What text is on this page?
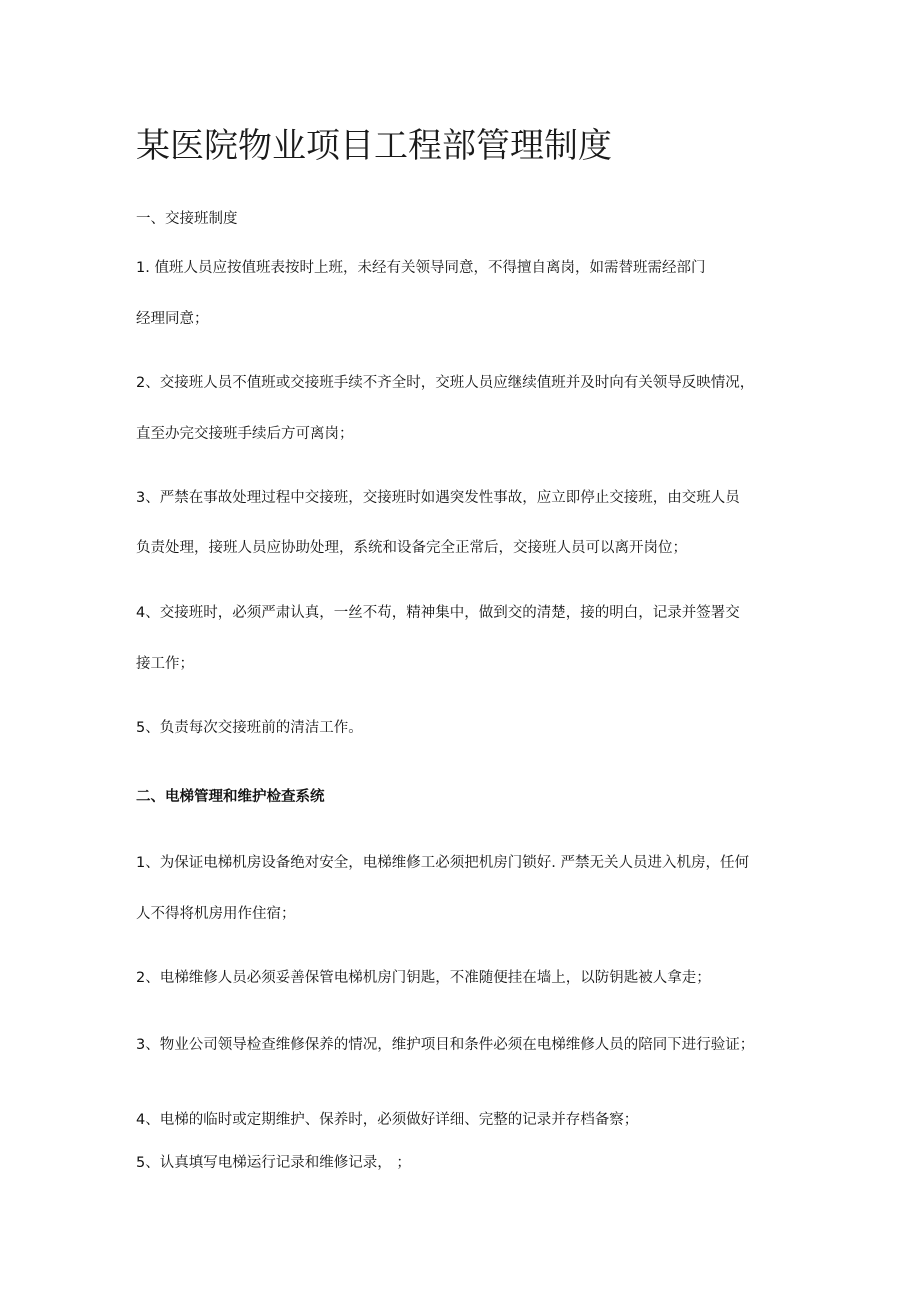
某医院物业项目工程部管理制度
一、交接班制度
1. 值班人员应按值班表按时上班，未经有关领导同意，不得擅自离岗，如需替班需经部门
经理同意；
2、交接班人员不值班或交接班手续不齐全时，交班人员应继续值班并及时向有关领导反映情况，
直至办完交接班手续后方可离岗；
3、严禁在事故处理过程中交接班，交接班时如遇突发性事故，应立即停止交接班，由交班人员
负责处理，接班人员应协助处理，系统和设备完全正常后，交接班人员可以离开岗位；
4、交接班时，必须严肃认真，一丝不苟，精神集中，做到交的清楚，接的明白，记录并签署交
接工作；
5、负责每次交接班前的清洁工作。
二、电梯管理和维护检查系统
1、为保证电梯机房设备绝对安全，电梯维修工必须把机房门锁好. 严禁无关人员进入机房，任何
人不得将机房用作住宿；
2、电梯维修人员必须妥善保管电梯机房门钥匙，不准随便挂在墙上，以防钥匙被人拿走；
3、物业公司领导检查维修保养的情况，维护项目和条件必须在电梯维修人员的陪同下进行验证；
4、电梯的临时或定期维护、保养时，必须做好详细、完整的记录并存档备察；
5、认真填写电梯运行记录和维修记录， ；
